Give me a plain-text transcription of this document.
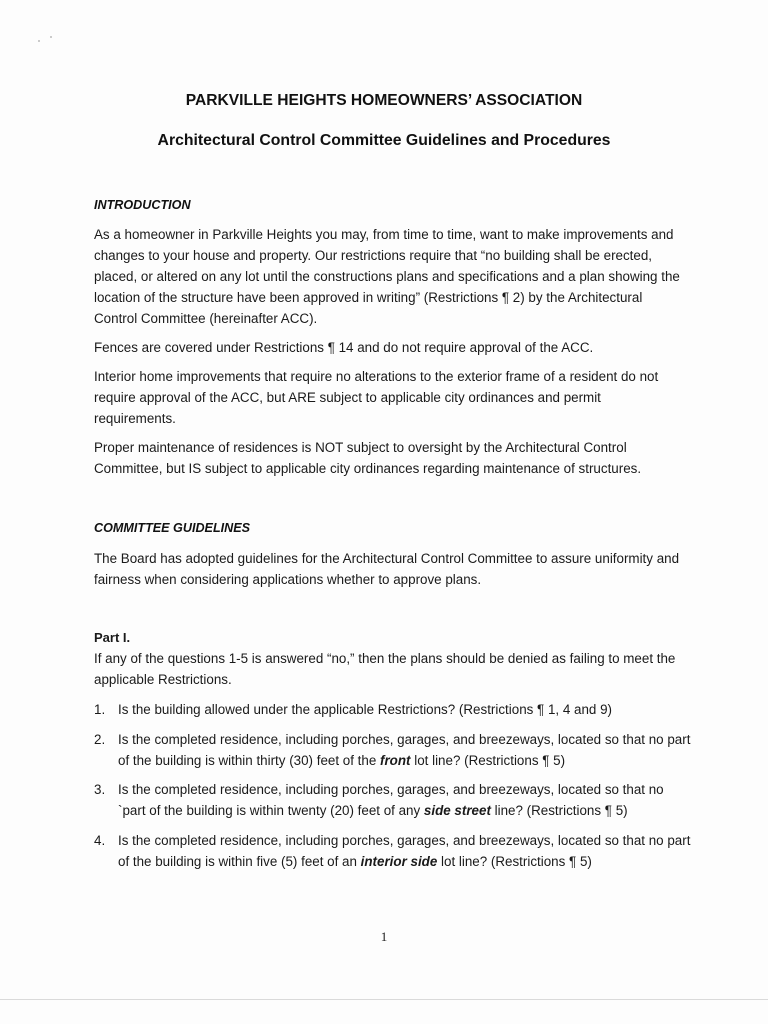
PARKVILLE HEIGHTS HOMEOWNERS’ ASSOCIATION
Architectural Control Committee Guidelines and Procedures
INTRODUCTION

As a homeowner in Parkville Heights you may, from time to time, want to make improvements and changes to your house and property. Our restrictions require that “no building shall be erected, placed, or altered on any lot until the constructions plans and specifications and a plan showing the location of the structure have been approved in writing” (Restrictions ¶ 2) by the Architectural Control Committee (hereinafter ACC).

Fences are covered under Restrictions ¶ 14 and do not require approval of the ACC.

Interior home improvements that require no alterations to the exterior frame of a resident do not require approval of the ACC, but ARE subject to applicable city ordinances and permit requirements.

Proper maintenance of residences is NOT subject to oversight by the Architectural Control Committee, but IS subject to applicable city ordinances regarding maintenance of structures.

COMMITTEE GUIDELINES

The Board has adopted guidelines for the Architectural Control Committee to assure uniformity and fairness when considering applications whether to approve plans.

Part I.

If any of the questions 1-5 is answered “no,” then the plans should be denied as failing to meet the applicable Restrictions.

1. Is the building allowed under the applicable Restrictions? (Restrictions ¶ 1, 4 and 9)
2. Is the completed residence, including porches, garages, and breezeways, located so that no part of the building is within thirty (30) feet of the front lot line? (Restrictions ¶ 5)
3. Is the completed residence, including porches, garages, and breezeways, located so that no `part of the building is within twenty (20) feet of any side street line? (Restrictions ¶ 5)
4. Is the completed residence, including porches, garages, and breezeways, located so that no part of the building is within five (5) feet of an interior side lot line? (Restrictions ¶ 5)

1
